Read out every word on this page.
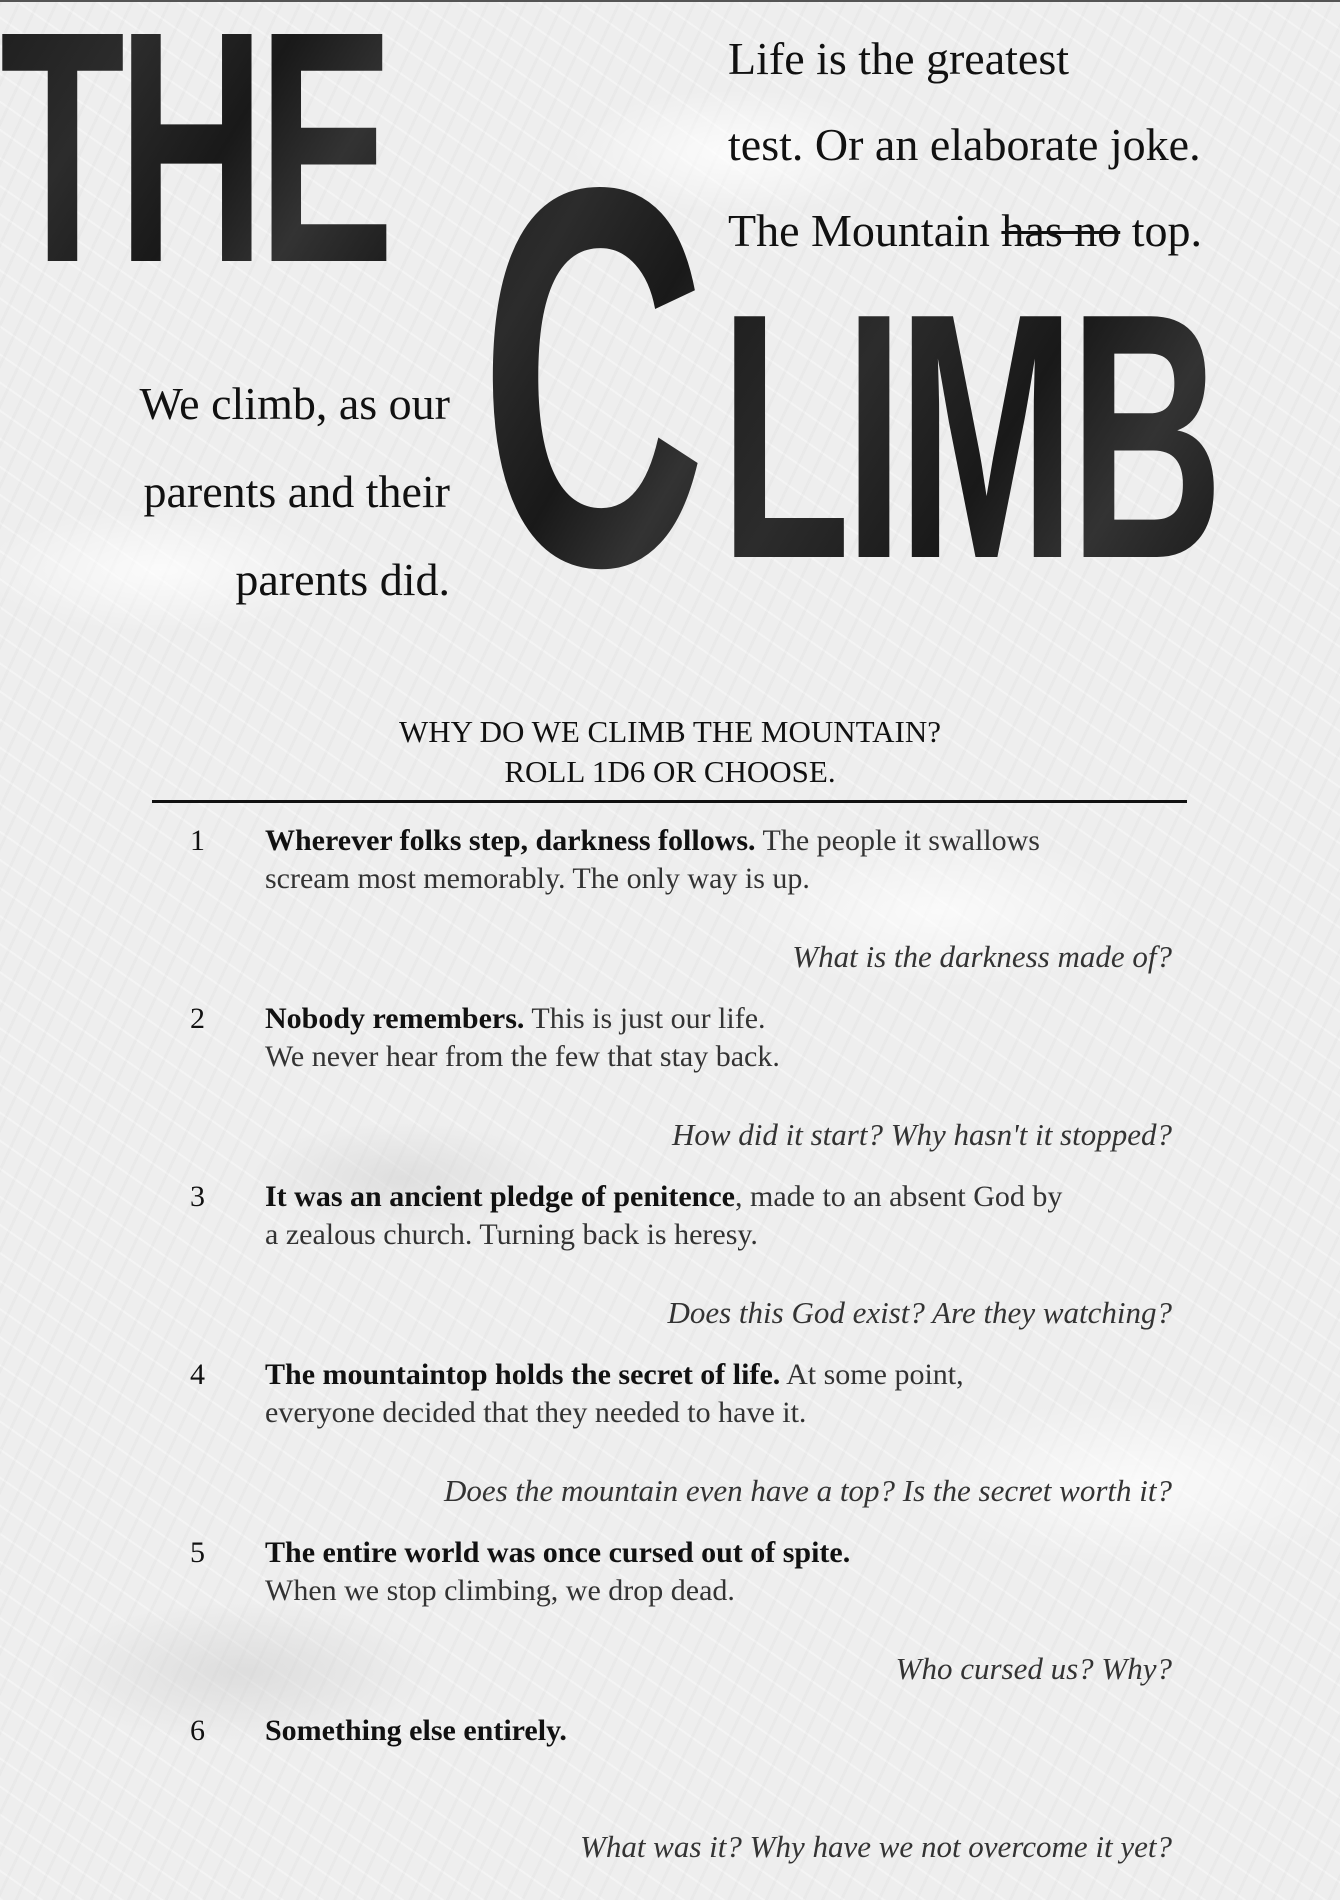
THE C LIMB
Life is the greatest
test. Or an elaborate joke.
The Mountain has no top.
We climb, as our
parents and their
parents did.
WHY DO WE CLIMB THE MOUNTAIN?
ROLL 1D6 OR CHOOSE.
1 Wherever folks step, darkness follows. The people it swallows
scream most memorably. The only way is up.
What is the darkness made of?
2 Nobody remembers. This is just our life.
We never hear from the few that stay back.
How did it start? Why hasn't it stopped?
3 It was an ancient pledge of penitence, made to an absent God by
a zealous church. Turning back is heresy.
Does this God exist? Are they watching?
4 The mountaintop holds the secret of life. At some point,
everyone decided that they needed to have it.
Does the mountain even have a top? Is the secret worth it?
5 The entire world was once cursed out of spite.
When we stop climbing, we drop dead.
Who cursed us? Why?
6 Something else entirely.

What was it? Why have we not overcome it yet?
